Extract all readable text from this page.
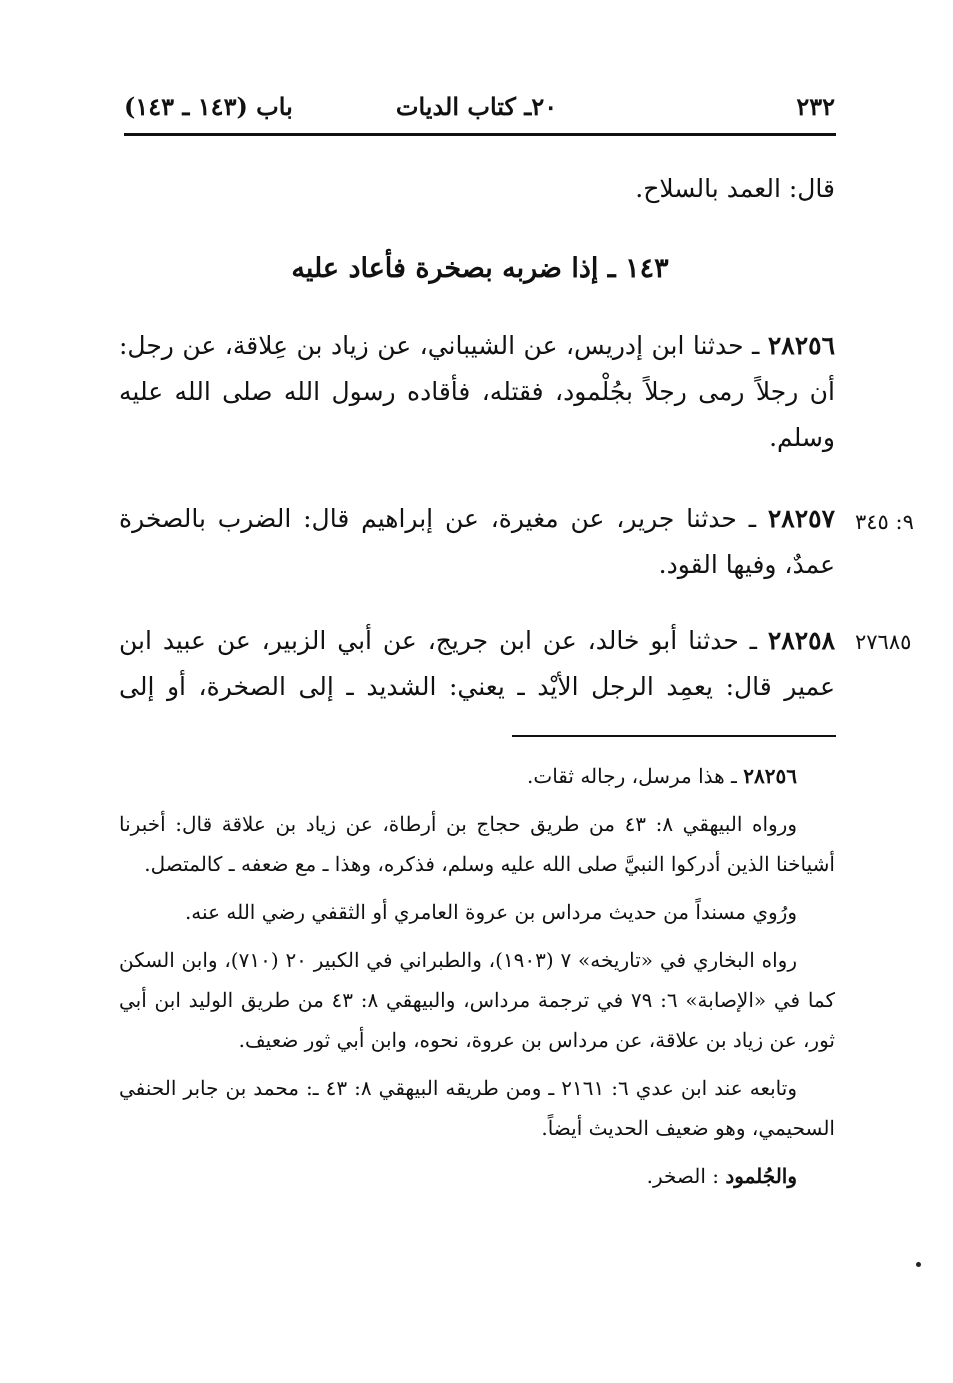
٢٣٢
٢٠ـ كتاب الديات
باب (١٤٣ ـ ١٤٣)
قال: العمد بالسلاح.
١٤٣ ـ إذا ضربه بصخرة فأعاد عليه
٢٨٢٥٦ ـ حدثنا ابن إدريس، عن الشيباني، عن زياد بن عِلاقة، عن رجل: أن رجلاً رمى رجلاً بجُلْمود، فقتله، فأقاده رسول الله صلى الله عليه وسلم.
٩: ٣٤٥
٢٨٢٥٧ ـ حدثنا جرير، عن مغيرة، عن إبراهيم قال: الضرب بالصخرة عمدٌ، وفيها القود.
٢٧٦٨٥
٢٨٢٥٨ ـ حدثنا أبو خالد، عن ابن جريج، عن أبي الزبير، عن عبيد ابن عمير قال: يعمِد الرجل الأيْد ـ يعني: الشديد ـ إلى الصخرة، أو إلى

٢٨٢٥٦ ـ هذا مرسل، رجاله ثقات.

ورواه البيهقي ٨: ٤٣ من طريق حجاج بن أرطاة، عن زياد بن علاقة قال: أخبرنا أشياخنا الذين أدركوا النبيَّ صلى الله عليه وسلم، فذكره، وهذا ـ مع ضعفه ـ كالمتصل.

ورُوي مسنداً من حديث مرداس بن عروة العامري أو الثقفي رضي الله عنه.

رواه البخاري في «تاريخه» ٧ (١٩٠٣)، والطبراني في الكبير ٢٠ (٧١٠)، وابن السكن كما في «الإصابة» ٦: ٧٩ في ترجمة مرداس، والبيهقي ٨: ٤٣ من طريق الوليد ابن أبي ثور، عن زياد بن علاقة، عن مرداس بن عروة، نحوه، وابن أبي ثور ضعيف.

وتابعه عند ابن عدي ٦: ٢١٦١ ـ ومن طريقه البيهقي ٨: ٤٣ ـ: محمد بن جابر الحنفي السحيمي، وهو ضعيف الحديث أيضاً.

والجُلمود : الصخر.
